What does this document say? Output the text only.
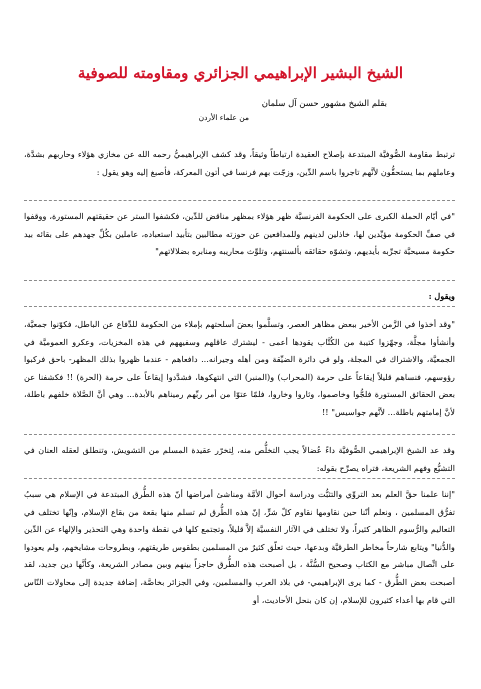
الشيخ البشير الإبراهيمي الجزائري ومقاومته للصوفية
بقلم الشيخ مشهور حسن آل سلمان
من علماء الأردن

ترتبط مقاومة الصُّوفيَّة المبتدعة بإصلاح العقيدة ارتباطاً وثيقاً، وقد كشف الإبراهيميُّ رحمه الله عن مخازي هؤلاء وحاربهم بشدَّة، وعاملهم بما يستحقُّون لأنَّهم تاجروا باسم الدِّين، وزجّت بهم فرنسا في أتون المعركة، فأصبغ إليه وهو يقول :

"في أيّام الحملة الكبرى على الحكومة الفرنسيَّة ظهر هؤلاء بمظهر مناقض للدِّين، فكشفوا الستر عن حقيقتهم المستورة، ووقفوا في صفِّ الحكومة مؤيِّدين لها، خاذلين لدينهم وللمدافعين عن حوزته مطالبين بتأبيد استعباده، عاملين بكُلِّ جهدهم على بقائه بيد حكومة مسيحيَّة تجرِّبه بأيديهم، وتشوّه حقائقه بألسنتهم، وتلوِّث محاريبه ومنابره بضلالاتهم"

ويقول :

"وقد أخذوا في الزَّمن الأخير ببعض مظاهر العصر، وتسلَّموا بعضَ أسلحتهم بإملاء من الحكومة للدِّفاع عن الباطل، فكوّنوا جمعيَّة، وأنشأوا مجلَّة، وجهّزوا كتيبة من الكُتَّاب يقودها أعمى - ليشترك عاقلهم وسفيههم في هذه المخزيات، وعكرو العموميَّة في الجمعيَّة، والاشتراك في المجلة، ولو في دائرة الضيِّقة ومن أهله وجيرانه... دافعاهم - عندما ظهروا بذلك المظهر- باحق فركبوا رؤوسهم، فنساهم قليلاً إيقاعاً على حرمة (المحراب) و(المنبر) التي انتهكوها، فشدَّدوا إيقاعاً على حرمة (الحرة) !! فكشفنا عن بعض الحقائق المستورة فلجُّوا وخاصموا، وثاروا وخاروا، فلمّا عتوّا من أمر ربِّهم رميناهم بالأبدة... وهي أنَّ الصَّلاة خلفهم باطلة، لأنَّ إمامتهم باطلة... لأنَّهم جواسيس" !!

وقد عد الشيخ الإبراهيمي الصُّوفيَّة داءً عُضالاً يجب التخلُّص منه، لِتخرّر عقيدة المسلم من التشويش، وتنطلق لعقله العنان في التشيُّع وفهم الشريعة، فتراه يصرِّح بقوله:

"إننا علمنا حقَّ العلم بعد التروِّي والتثبُّت ودراسة أحوال الأمَّة ومناشئ أمراضها أنّ هذه الطُّرق المبتدعة في الإسلام هي سببُ تفرُّق المسلمين ، ونعلم أنّنا حين نقاومها نقاوم كلّ شرٍّ، إنّ هذه الطُّرق لم تسلم منها بقعة من بقاع الإسلام، وإنّها تختلف في التعاليم والرُّسوم الظاهر كثيراً، ولا تختلف في الآثار النفسيَّة إلاَّ قليلاً، وتجتمع كلها في نقطة واحدة وهي التحذير والإلهاء عن الدِّين والدُّنيا" ويتابع شارحاً مخاطر الطرقيَّة وبدعها، حيث تعلّق كثيرٌ من المسلمين بطقوس طريقتهم، وبطروحات مشايخهم، ولم يعودوا على اتِّصال مباشر مع الكتاب وصحيح السُّنَّة ، بل أصبحت هذه الطُّرق حاجزاً بينهم وبين مصادر الشريعة، وكأنَّها دين جديد، لقد أصبحت بعض الطُّرق - كما يرى الإبراهيمي- في بلاد العرب والمسلمين، وفي الجزائر بخاصَّة، إضافة جديدة إلى محاولات النّاس التي قام بها أعداء كثيرون للإسلام، إن كان بنحل الأحاديث، أو
